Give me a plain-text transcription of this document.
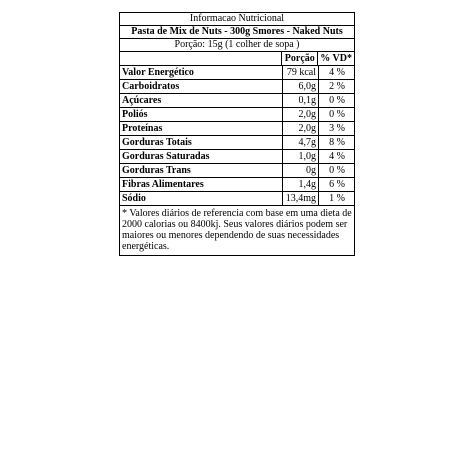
Informacao Nutricional
Pasta de Mix de Nuts - 300g Smores - Naked Nuts
Porção: 15g (1 colher de sopa )
Porção % VD*
Valor Energético	79 kcal	4 %
Carboidratos	6,0g	2 %
Açúcares	0,1g	0 %
Poliós	2,0g	0 %
Proteínas	2,0g	3 %
Gorduras Totais	4,7g	8 %
Gorduras Saturadas	1,0g	4 %
Gorduras Trans	0g	0 %
Fibras Alimentares	1,4g	6 %
Sódio	13,4mg	1 %
* Valores diários de referencia com base em uma dieta de 2000 calorias ou 8400kj. Seus valores diários podem ser maiores ou menores dependendo de suas necessidades energéticas.
